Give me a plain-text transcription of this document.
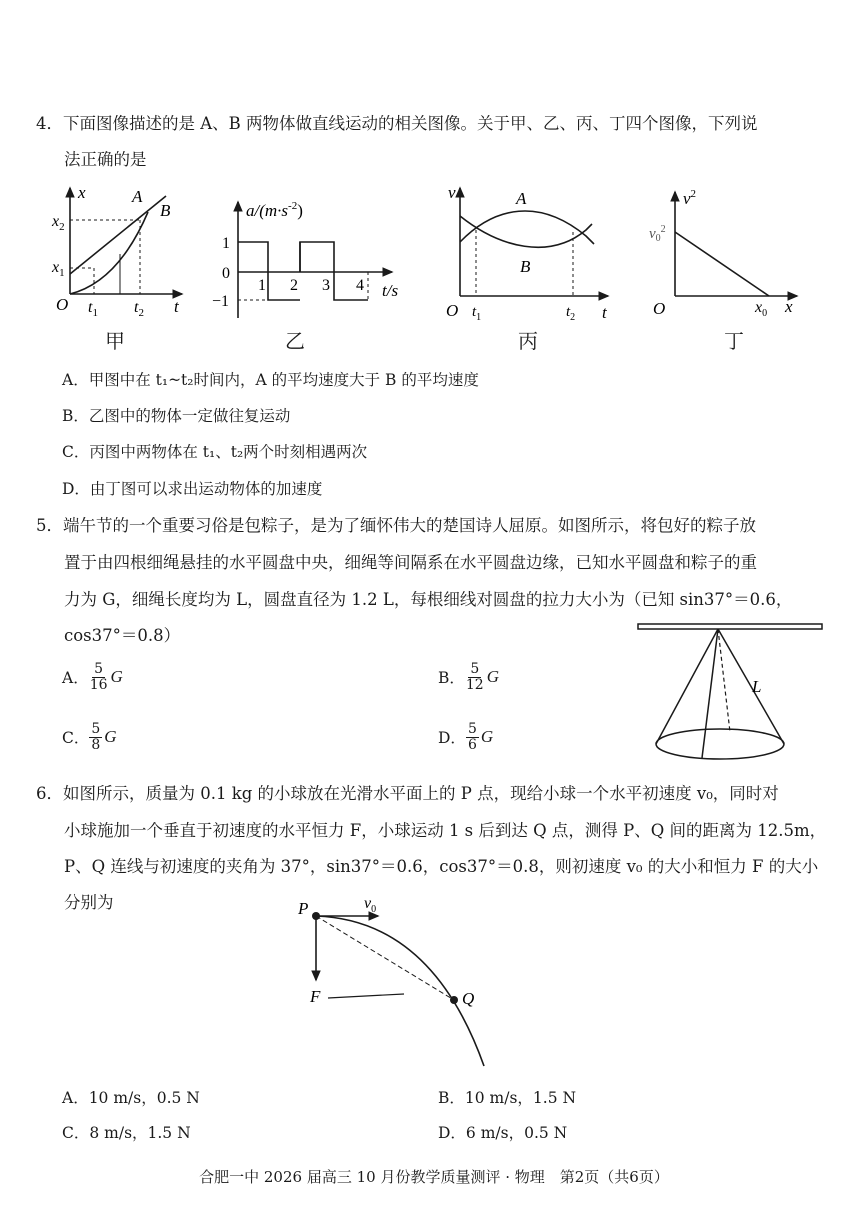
4．下面图像描述的是 A、B 两物体做直线运动的相关图像。关于甲、乙、丙、丁四个图像，下列说
法正确的是
x
t
$x_2$
$x_1$
O $t_1$ $t_2$
A
B
甲
$a/(m\cdot s^{-2})$
1
0
−1
1 2 3 4 t/s
乙
v
t
O $t_1$	$t_2$
A
B
丙
$v^2$
$v_0^2$
O	$x_0$ x
丁
A．甲图中在 t₁~t₂时间内，A 的平均速度大于 B 的平均速度
B．乙图中的物体一定做往复运动
C．丙图中两物体在 t₁、t₂两个时刻相遇两次
D．由丁图可以求出运动物体的加速度
5．端午节的一个重要习俗是包粽子，是为了缅怀伟大的楚国诗人屈原。如图所示，将包好的粽子放
置于由四根细绳悬挂的水平圆盘中央，细绳等间隔系在水平圆盘边缘，已知水平圆盘和粽子的重
力为 G，细绳长度均为 L，圆盘直径为 1.2 L，每根细线对圆盘的拉力大小为（已知 sin37°＝0.6，
cos37°＝0.8）
L
A． $\frac{5}{16}$ G	B． $\frac{5}{12}$ G
C． $\frac{5}{8}$ G	D． $\frac{5}{6}$ G
6．如图所示，质量为 0.1 kg 的小球放在光滑水平面上的 P 点，现给小球一个水平初速度 v₀，同时对
小球施加一个垂直于初速度的水平恒力 F，小球运动 1 s 后到达 Q 点，测得 P、Q 间的距离为 12.5m，
P、Q 连线与初速度的夹角为 37°，sin37°＝0.6，cos37°＝0.8，则初速度 v₀ 的大小和恒力 F 的大小
分别为	P	$v_0$
F	Q
A．10 m/s，0.5 N	B．10 m/s，1.5 N
C．8 m/s，1.5 N	D．6 m/s，0.5 N
合肥一中 2026 届高三 10 月份教学质量测评 · 物理　第2页（共6页）
